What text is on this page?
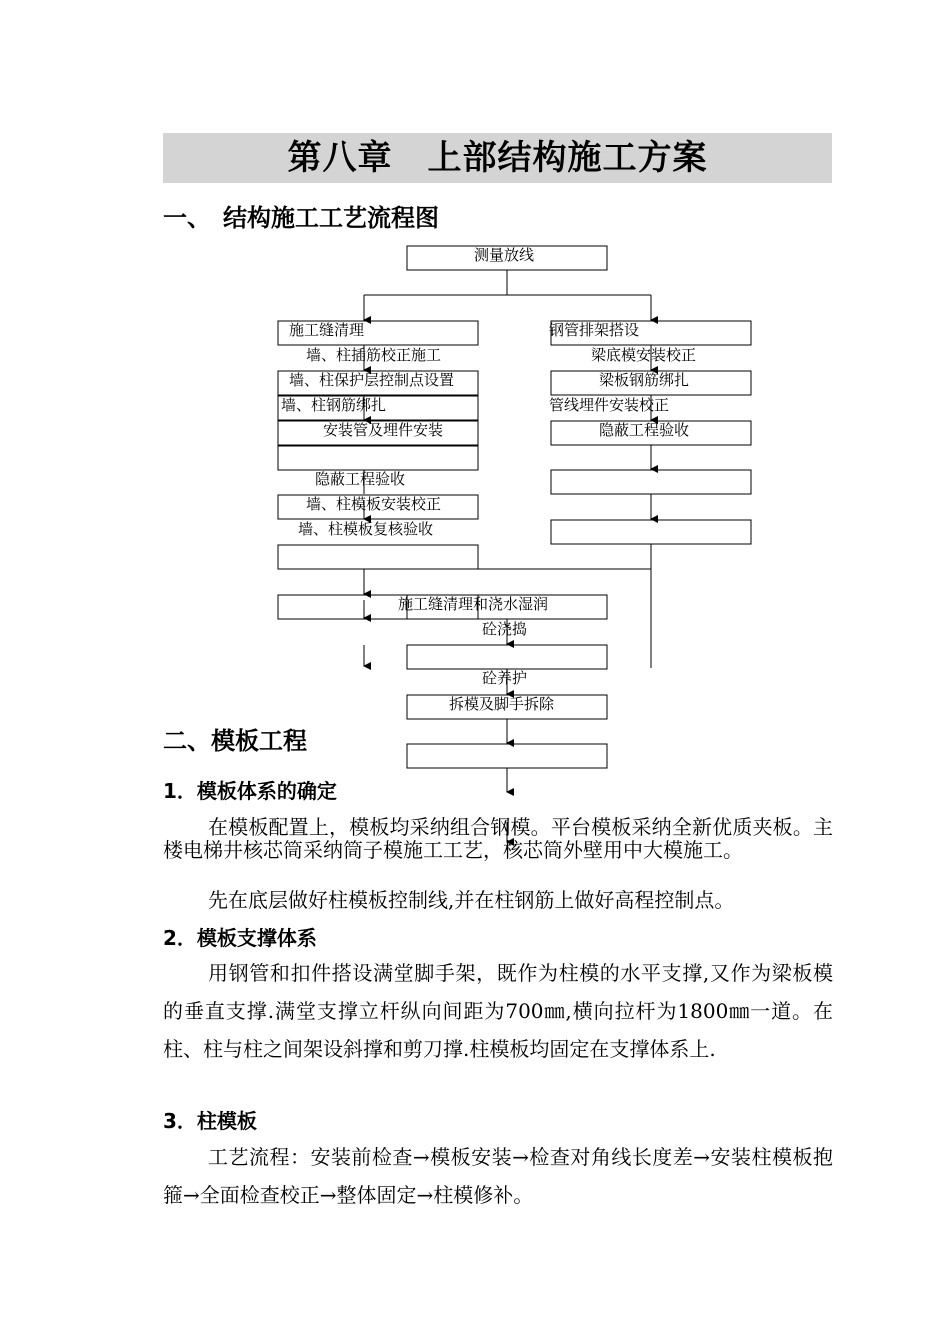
第八章　上部结构施工方案
一、　结构施工工艺流程图
测量放线
施工缝清理
墙、柱插筋校正施工
墙、柱保护层控制点设置
墙、柱钢筋绑扎
安装管及埋件安装
隐蔽工程验收
墙、柱模板安装校正
墙、柱模板复核验收
钢管排架搭设
梁底模安装校正
梁板钢筋绑扎
管线埋件安装校正
隐蔽工程验收
施工缝清理和浇水湿润
砼浇捣
砼养护
拆模及脚手拆除
二、模板工程
1．模板体系的确定
在模板配置上，模板均采纳组合钢模。平台模板采纳全新优质夹板。主楼电梯井核芯筒采纳筒子模施工工艺，核芯筒外壁用中大模施工。
先在底层做好柱模板控制线,并在柱钢筋上做好高程控制点。
2．模板支撑体系
用钢管和扣件搭设满堂脚手架，既作为柱模的水平支撑,又作为梁板模的垂直支撑.满堂支撑立杆纵向间距为700㎜,横向拉杆为1800㎜一道。在柱、柱与柱之间架设斜撑和剪刀撑.柱模板均固定在支撑体系上.
3．柱模板
工艺流程：安装前检查→模板安装→检查对角线长度差→安装柱模板抱箍→全面检查校正→整体固定→柱模修补。
